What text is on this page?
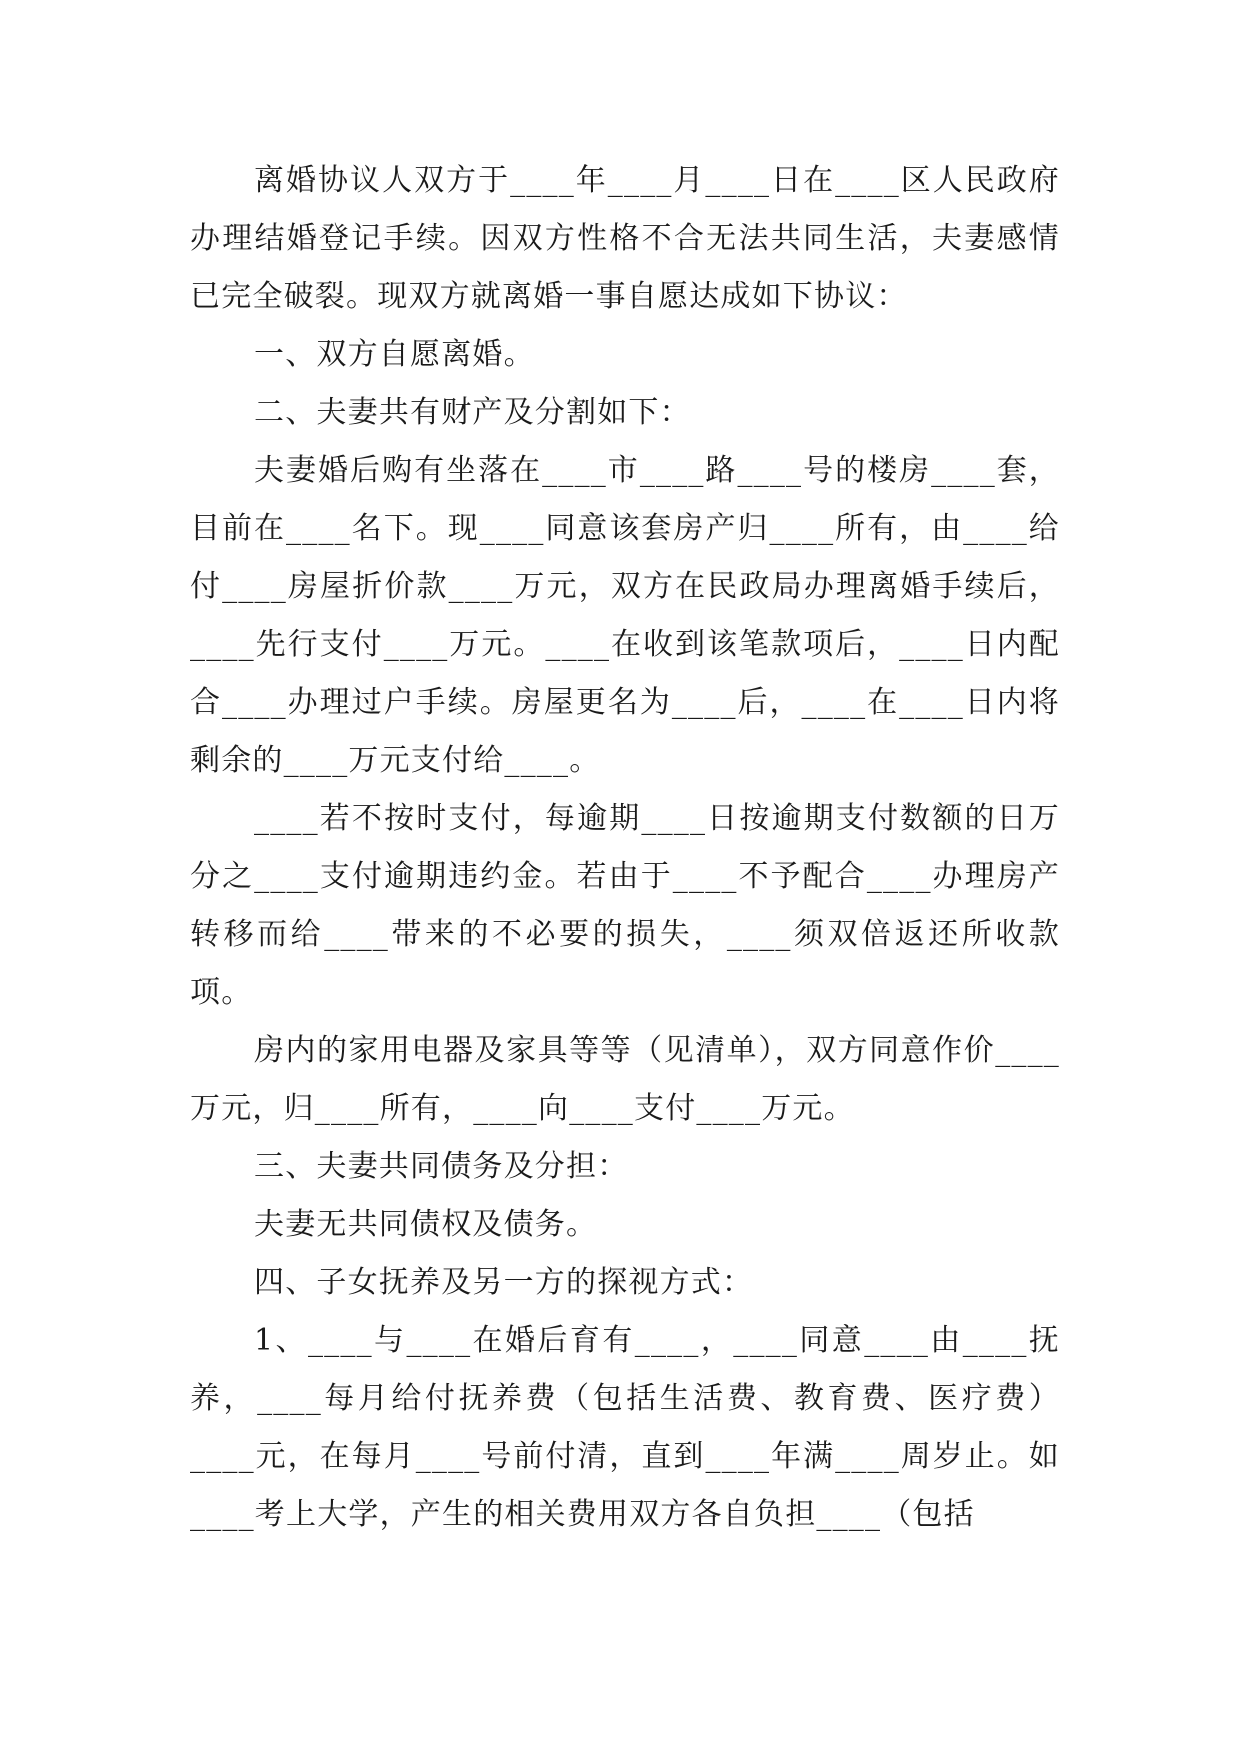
离婚协议人双方于____年____月____日在____区人民政府办理结婚登记手续。因双方性格不合无法共同生活，夫妻感情已完全破裂。现双方就离婚一事自愿达成如下协议：

一、双方自愿离婚。

二、夫妻共有财产及分割如下：

夫妻婚后购有坐落在____市____路____号的楼房____套，目前在____名下。现____同意该套房产归____所有，由____给付____房屋折价款____万元，双方在民政局办理离婚手续后，____先行支付____万元。____在收到该笔款项后，____日内配合____办理过户手续。房屋更名为____后，____在____日内将剩余的____万元支付给____。

____若不按时支付，每逾期____日按逾期支付数额的日万分之____支付逾期违约金。若由于____不予配合____办理房产转移而给____带来的不必要的损失，____须双倍返还所收款项。

房内的家用电器及家具等等（见清单），双方同意作价____万元，归____所有，____向____支付____万元。

三、夫妻共同债务及分担：

夫妻无共同债权及债务。

四、子女抚养及另一方的探视方式：

1、____与____在婚后育有____，____同意____由____抚养，____每月给付抚养费（包括生活费、教育费、医疗费）____元，在每月____号前付清，直到____年满____周岁止。如____考上大学，产生的相关费用双方各自负担____（包括
